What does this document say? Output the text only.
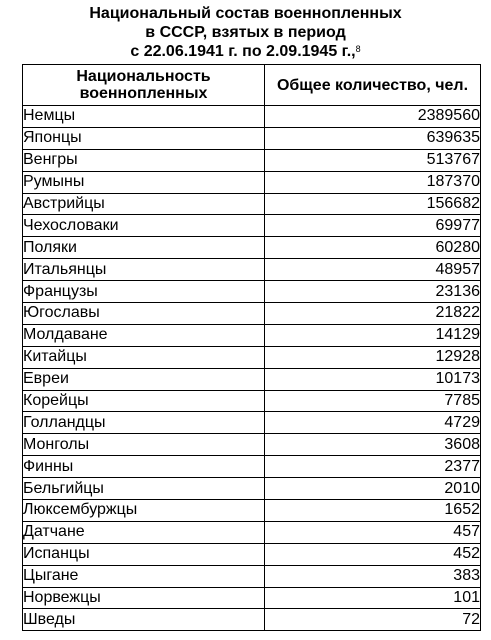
Национальный состав военнопленных
в СССР, взятых в период
с 22.06.1941 г. по 2.09.1945 г.,$^8$
Национальность военнопленных	Общее количество, чел.
Немцы	2389560
Японцы	639635
Венгры	513767
Румыны	187370
Австрийцы	156682
Чехословаки	69977
Поляки	60280
Итальянцы	48957
Французы	23136
Югославы	21822
Молдаване	14129
Китайцы	12928
Евреи	10173
Корейцы	7785
Голландцы	4729
Монголы	3608
Финны	2377
Бельгийцы	2010
Люксембуржцы	1652
Датчане	457
Испанцы	452
Цыгане	383
Норвежцы	101
Шведы	72
